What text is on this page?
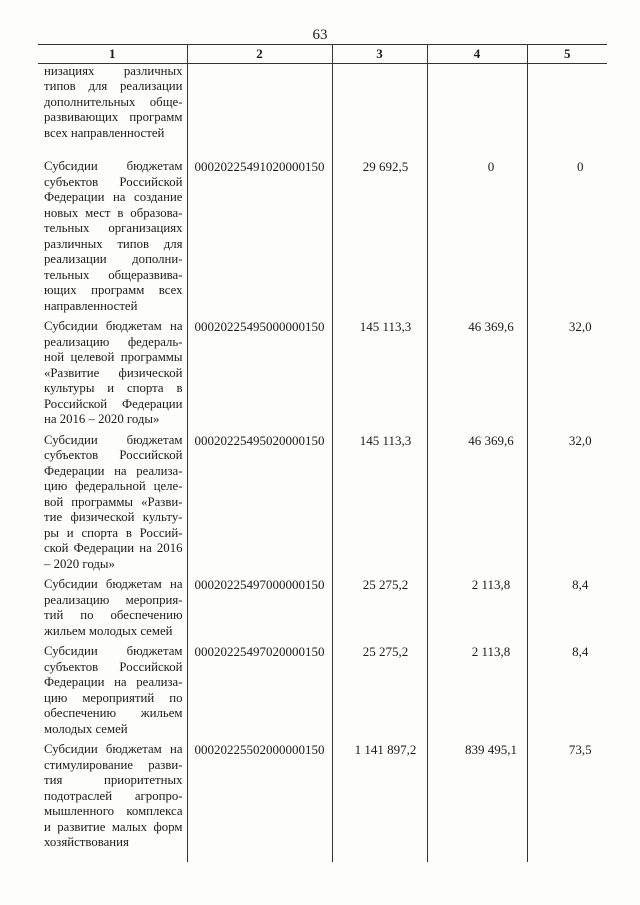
63
1	2	3	4	5
низациях различных типов для реализации дополнительных обще-развивающих программ всех направленностей				
Субсидии бюджетам субъектов Российской Федерации на создание новых мест в образова-тельных организациях различных типов для реализации дополни-тельных общеразвива-ющих программ всех направленностей	00020225491020000150	29 692,5	0	0
Субсидии бюджетам на реализацию федераль-ной целевой программы «Развитие физической культуры и спорта в Российской Федерации на 2016 – 2020 годы»	00020225495000000150	145 113,3	46 369,6	32,0
Субсидии бюджетам субъектов Российской Федерации на реализа-цию федеральной целе-вой программы «Разви-тие физической культу-ры и спорта в Россий-ской Федерации на 2016 – 2020 годы»	00020225495020000150	145 113,3	46 369,6	32,0
Субсидии бюджетам на реализацию мероприя-тий по обеспечению жильем молодых семей	00020225497000000150	25 275,2	2 113,8	8,4
Субсидии бюджетам субъектов Российской Федерации на реализа-цию мероприятий по обеспечению жильем молодых семей	00020225497020000150	25 275,2	2 113,8	8,4
Субсидии бюджетам на стимулирование разви-тия приоритетных подотраслей агропро-мышленного комплекса и развитие малых форм хозяйствования	00020225502000000150	1 141 897,2	839 495,1	73,5
